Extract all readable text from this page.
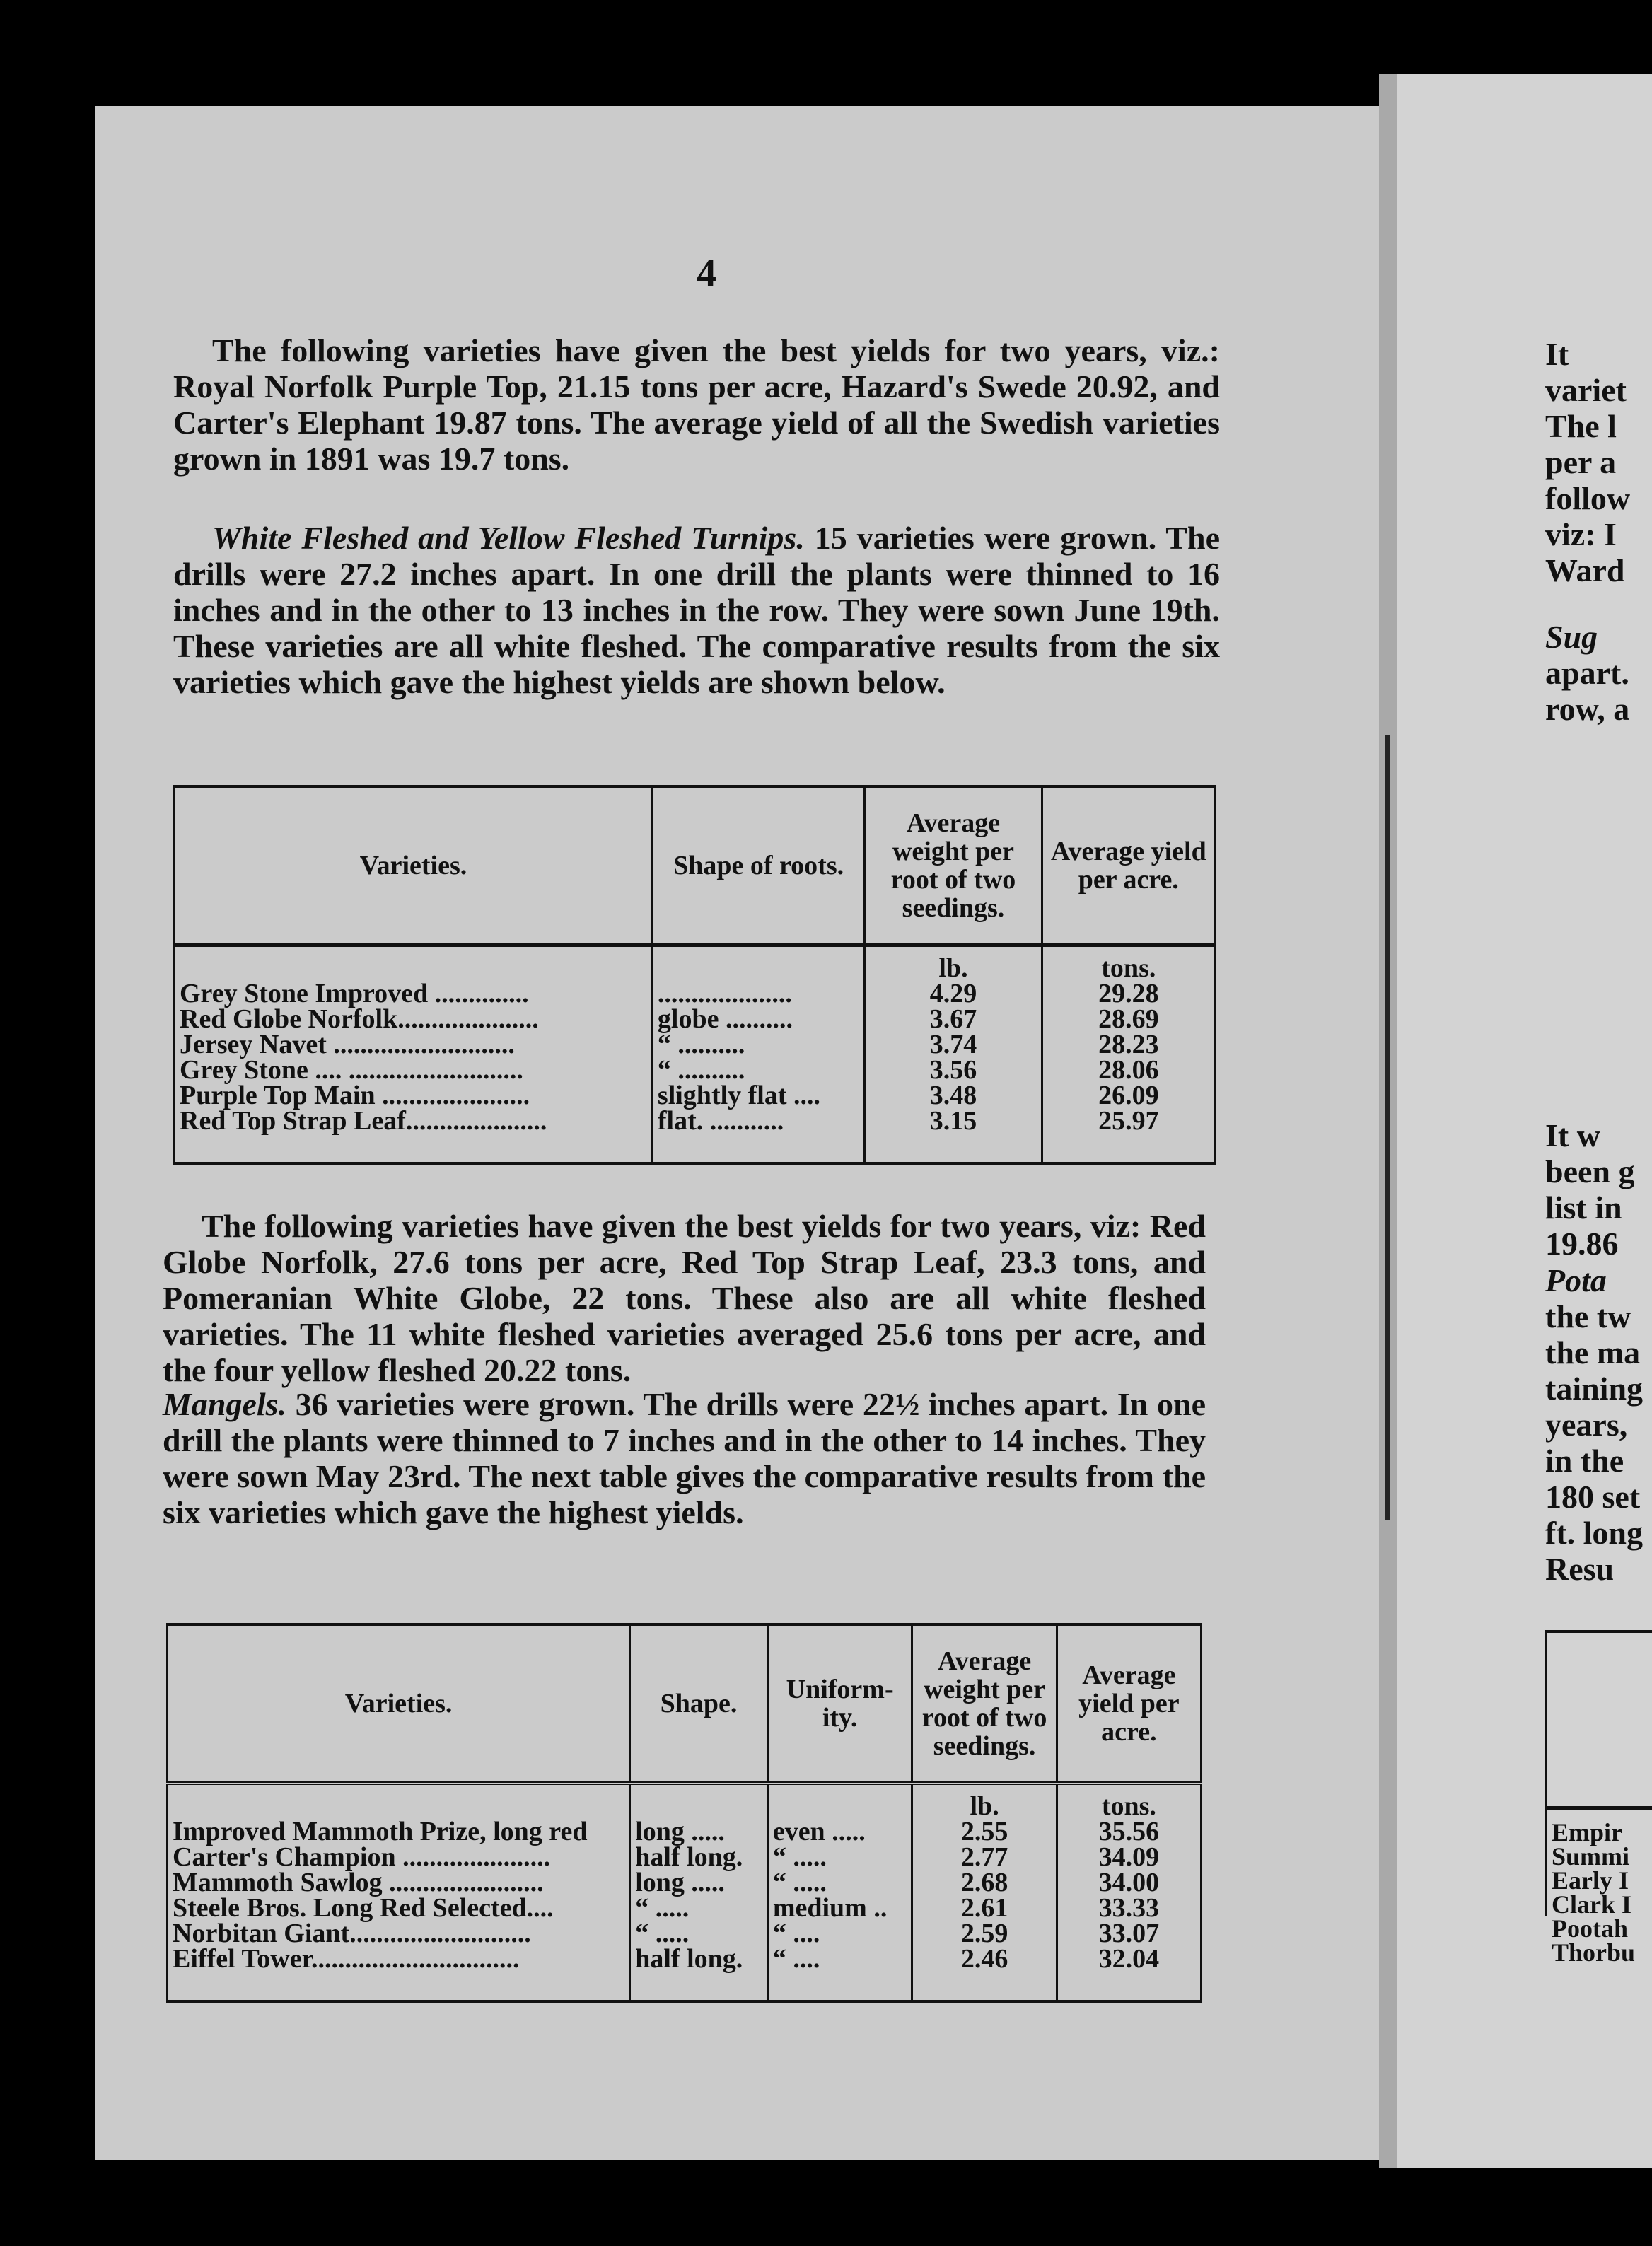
4
The following varieties have given the best yields for two years, viz.: Royal Norfolk Purple Top, 21.15 tons per acre, Hazard's Swede 20.92, and Carter's Elephant 19.87 tons. The average yield of all the Swedish varieties grown in 1891 was 19.7 tons.
White Fleshed and Yellow Fleshed Turnips. 15 varieties were grown. The drills were 27.2 inches apart. In one drill the plants were thinned to 16 inches and in the other to 13 inches in the row. They were sown June 19th. These varieties are all white fleshed. The comparative results from the six varieties which gave the highest yields are shown below.
Varieties.	Shape of roots.	Average weight per root of two seedings.	Average yield per acre.
		lb.	tons.
Grey Stone Improved ..............	....................	4.29	29.28
Red Globe Norfolk.....................	globe ..........	3.67	28.69
Jersey Navet ...........................	“ ..........	3.74	28.23
Grey Stone .... ..........................	“ ..........	3.56	28.06
Purple Top Main ......................	slightly flat ....	3.48	26.09
Red Top Strap Leaf.....................	flat. ...........	3.15	25.97
The following varieties have given the best yields for two years, viz: Red Globe Norfolk, 27.6 tons per acre, Red Top Strap Leaf, 23.3 tons, and Pomeranian White Globe, 22 tons. These also are all white fleshed varieties. The 11 white fleshed varieties averaged 25.6 tons per acre, and the four yellow fleshed 20.22 tons.
Mangels. 36 varieties were grown. The drills were 22½ inches apart. In one drill the plants were thinned to 7 inches and in the other to 14 inches. They were sown May 23rd. The next table gives the comparative results from the six varieties which gave the highest yields.
Varieties.	Shape.	Uniform-ity.	Average weight per root of two seedings.	Average yield per acre.
			lb.	tons.
Improved Mammoth Prize, long red	long .....	even .....	2.55	35.56
Carter's Champion ......................	half long.	“ .....	2.77	34.09
Mammoth Sawlog .......................	long .....	“ .....	2.68	34.00
Steele Bros. Long Red Selected....	“ .....	medium ..	2.61	33.33
Norbitan Giant...........................	“ .....	“ ....	2.59	33.07
Eiffel Tower...............................	half long.	“ ....	2.46	32.04
It
variet
The l
per a
follow
viz: I
Ward
Sug
apart.
row, a
It w
been g
list in
19.86
Pota
the tw
the ma
taining
years,
in the
180 set
ft. long
Resu
Empir
Summi
Early I
Clark I
Pootah
Thorbu
